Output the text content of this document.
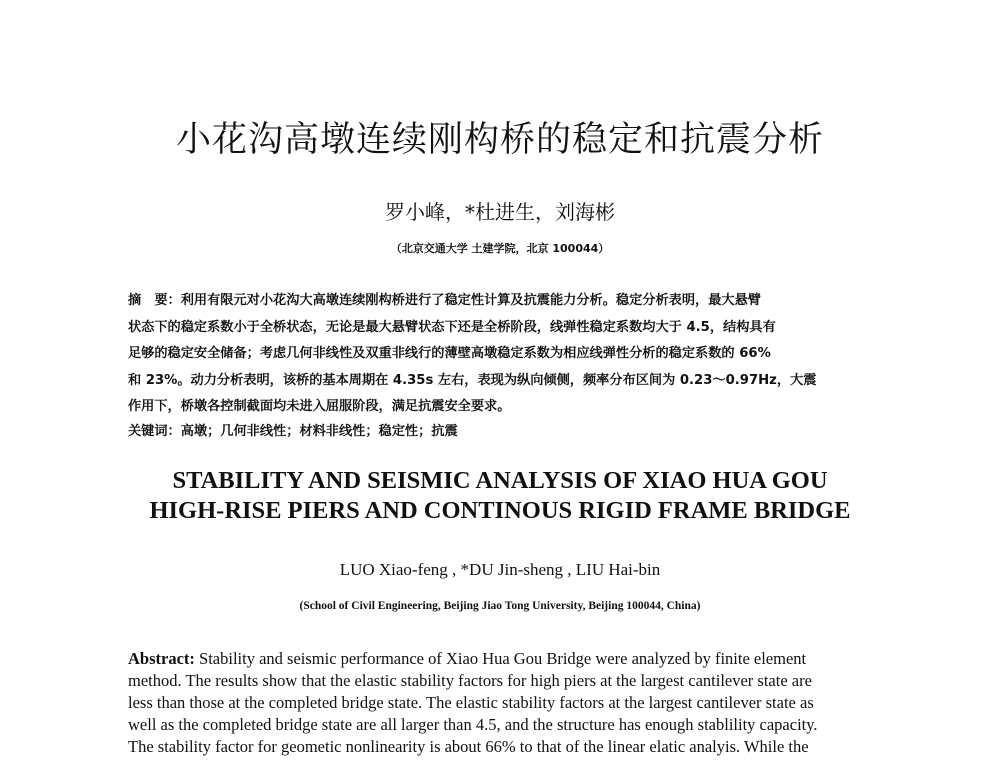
小花沟高墩连续刚构桥的稳定和抗震分析
罗小峰，*杜进生，刘海彬
（北京交通大学 土建学院，北京 100044）
摘　要：利用有限元对小花沟大高墩连续刚构桥进行了稳定性计算及抗震能力分析。稳定分析表明，最大悬臂
状态下的稳定系数小于全桥状态，无论是最大悬臂状态下还是全桥阶段，线弹性稳定系数均大于 4.5，结构具有
足够的稳定安全储备；考虑几何非线性及双重非线行的薄壁高墩稳定系数为相应线弹性分析的稳定系数的 66%
和 23%。动力分析表明，该桥的基本周期在 4.35s 左右，表现为纵向倾侧，频率分布区间为 0.23～0.97Hz，大震
作用下，桥墩各控制截面均未进入屈服阶段，满足抗震安全要求。
关键词：高墩；几何非线性；材料非线性；稳定性；抗震
STABILITY AND SEISMIC ANALYSIS OF XIAO HUA GOU
HIGH-RISE PIERS AND CONTINOUS RIGID FRAME BRIDGE
LUO Xiao-feng , *DU Jin-sheng , LIU Hai-bin
(School of Civil Engineering, Beijing Jiao Tong University, Beijing 100044, China)
Abstract: Stability and seismic performance of Xiao Hua Gou Bridge were analyzed by finite element
method. The results show that the elastic stability factors for high piers at the largest cantilever state are
less than those at the completed bridge state. The elastic stability factors at the largest cantilever state as
well as the completed bridge state are all larger than 4.5, and the structure has enough stablility capacity.
The stability factor for geometic nonlinearity is about 66% to that of the linear elatic analyis. While the
